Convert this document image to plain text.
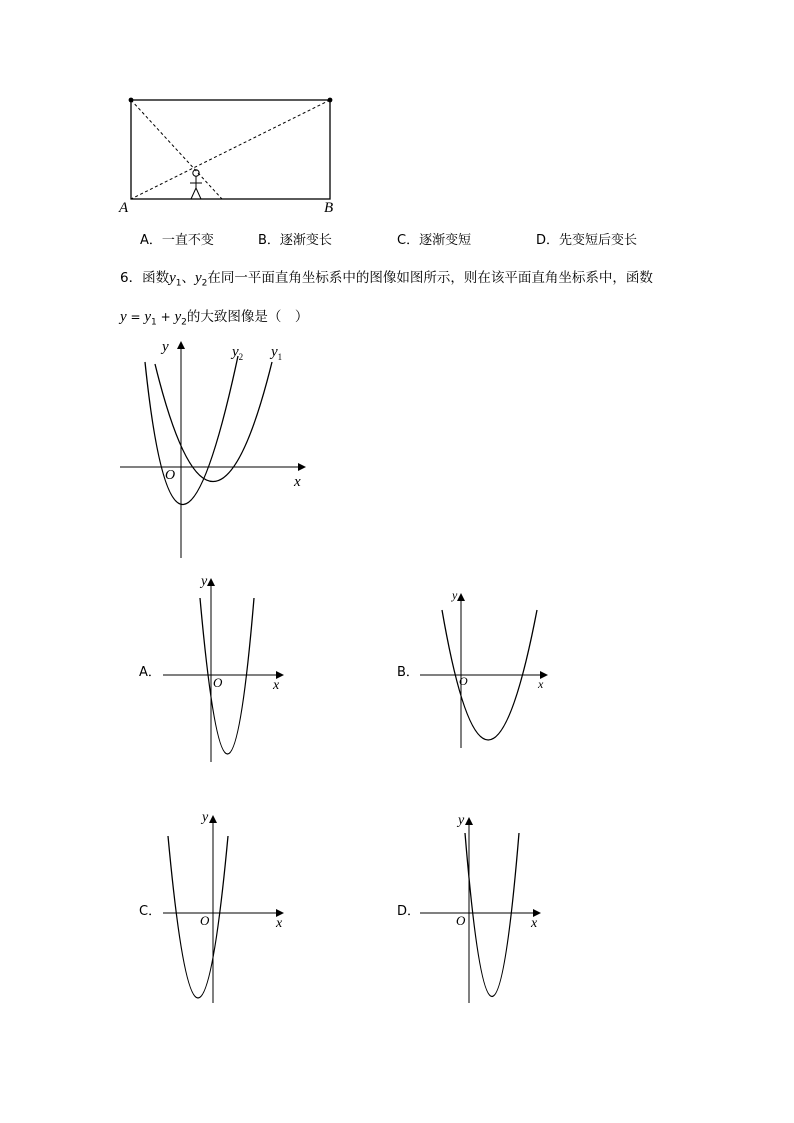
A	B
A．一直不变	B．逐渐变长	C．逐渐变短	D．先变短后变长
6．函数$y_1$、$y_2$在同一平面直角坐标系中的图像如图所示，则在该平面直角坐标系中，函数
$y = y_1 + y_2$的大致图像是（　）
y
x
O
$y_2$ $y_1$
A．
y
x
O
B．
y
x
O
C．
y
x
O
D．
y
x
O
